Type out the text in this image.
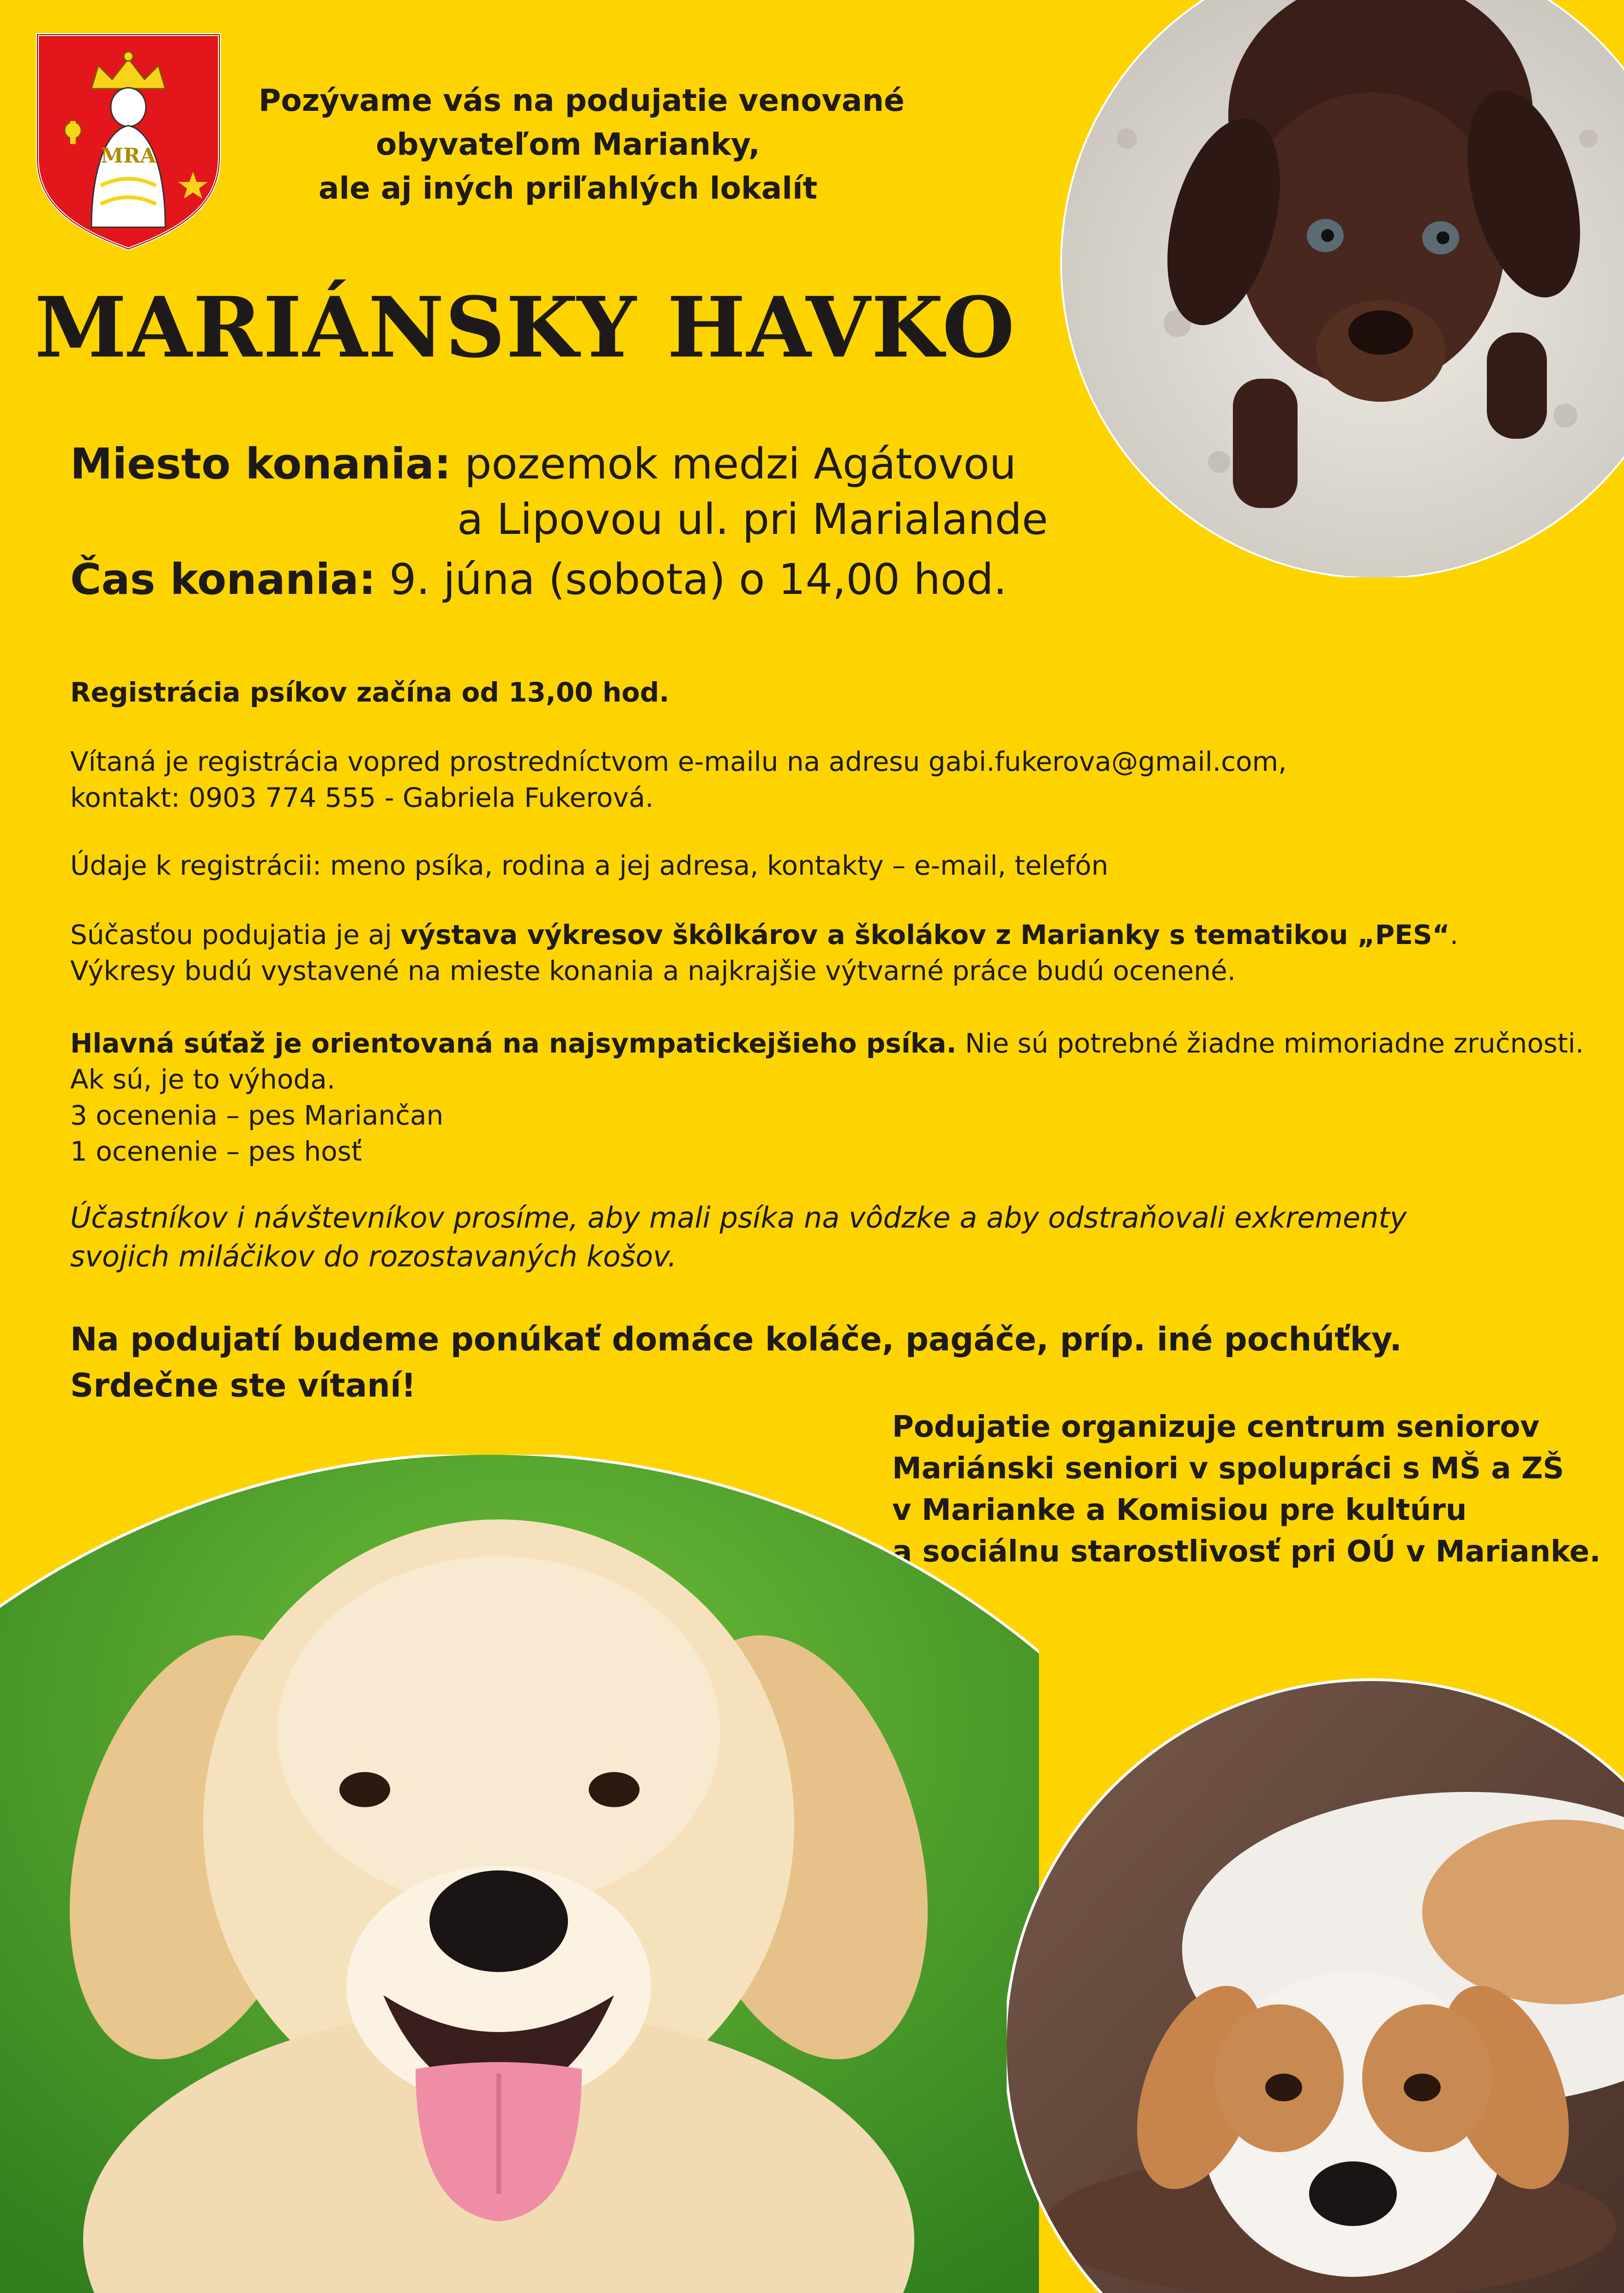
MRA
Pozývame vás na podujatie venované
obyvateľom Marianky,
ale aj iných priľahlých lokalít
MARIÁNSKY HAVKO
Miesto konania: pozemok medzi Agátovou
a Lipovou ul. pri Marialande
Čas konania: 9. júna (sobota) o 14,00 hod.
Registrácia psíkov začína od 13,00 hod.
Vítaná je registrácia vopred prostredníctvom e-mailu na adresu gabi.fukerova@gmail.com,
kontakt: 0903 774 555 - Gabriela Fukerová.
Údaje k registrácii: meno psíka, rodina a jej adresa, kontakty – e-mail, telefón
Súčasťou podujatia je aj výstava výkresov škôlkárov a školákov z Marianky s tematikou „PES“.
Výkresy budú vystavené na mieste konania a najkrajšie výtvarné práce budú ocenené.
Hlavná súťaž je orientovaná na najsympatickejšieho psíka. Nie sú potrebné žiadne mimoriadne zručnosti.
Ak sú, je to výhoda.
3 ocenenia – pes Mariančan
1 ocenenie – pes hosť
Účastníkov i návštevníkov prosíme, aby mali psíka na vôdzke a aby odstraňovali exkrementy
svojich miláčikov do rozostavaných košov.
Na podujatí budeme ponúkať domáce koláče, pagáče, príp. iné pochúťky.
Srdečne ste vítaní!
Podujatie organizuje centrum seniorov
Mariánski seniori v spolupráci s MŠ a ZŠ
v Marianke a Komisiou pre kultúru
a sociálnu starostlivosť pri OÚ v Marianke.
